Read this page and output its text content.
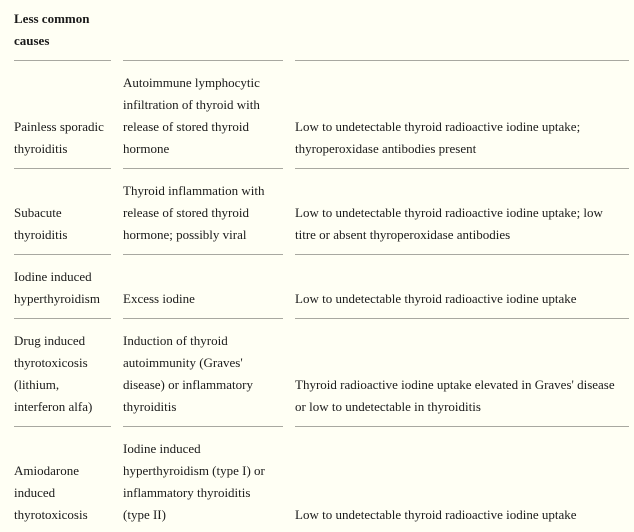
Less common
causes
Painless sporadic
thyroiditis
Autoimmune lymphocytic
infiltration of thyroid with
release of stored thyroid
hormone
Low to undetectable thyroid radioactive iodine uptake;
thyroperoxidase antibodies present
Subacute
thyroiditis
Thyroid inflammation with
release of stored thyroid
hormone; possibly viral
Low to undetectable thyroid radioactive iodine uptake; low
titre or absent thyroperoxidase antibodies
Iodine induced
hyperthyroidism Excess iodine	Low to undetectable thyroid radioactive iodine uptake
Drug induced
thyrotoxicosis
(lithium,
interferon alfa)
Induction of thyroid
autoimmunity (Graves'
disease) or inflammatory
thyroiditis
Thyroid radioactive iodine uptake elevated in Graves' disease
or low to undetectable in thyroiditis
Amiodarone
induced
thyrotoxicosis
Iodine induced
hyperthyroidism (type I) or
inflammatory thyroiditis
(type II)	Low to undetectable thyroid radioactive iodine uptake
